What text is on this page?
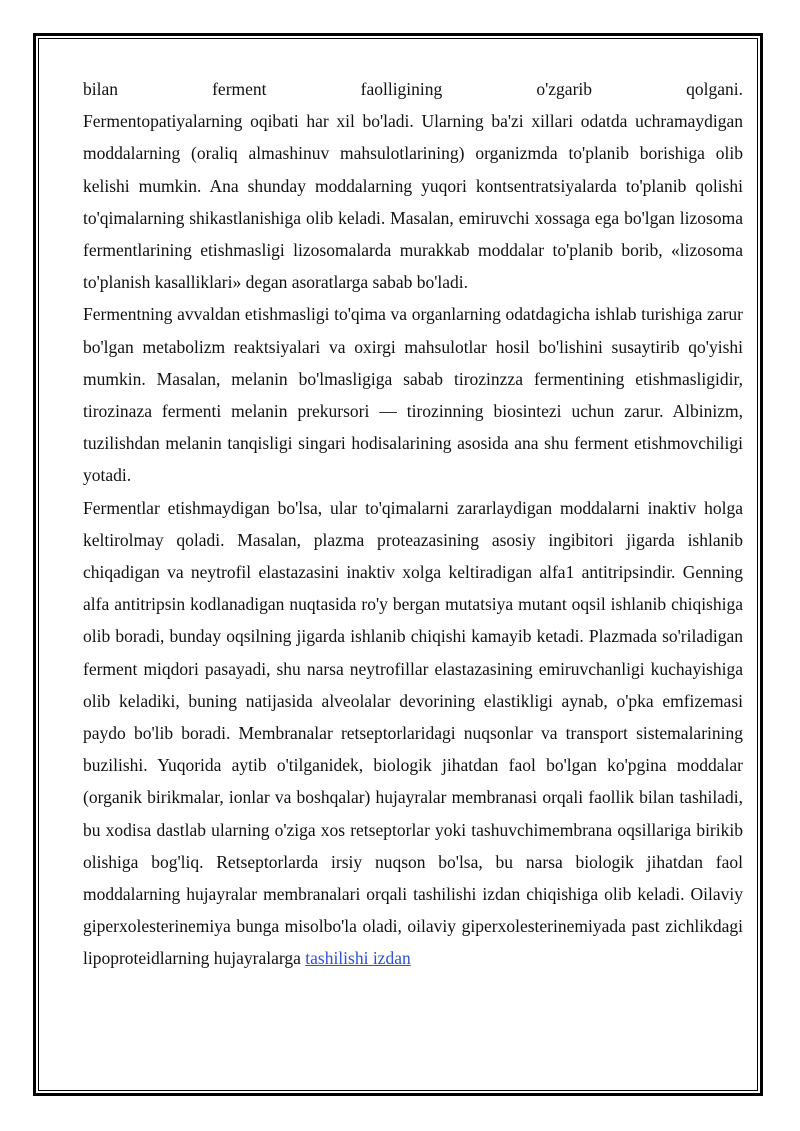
bilan ferment faolligining o'zgarib qolgani.
Fermentopatiyalarning oqibati har xil bo'ladi. Ularning ba'zi xillari odatda uchramaydigan moddalarning (oraliq almashinuv mahsulotlarining) organizmda to'planib borishiga olib kelishi mumkin. Ana shunday moddalarning yuqori kontsentratsiyalarda to'planib qolishi to'qimalarning shikastlanishiga olib keladi. Masalan, emiruvchi xossaga ega bo'lgan lizosoma fermentlarining etishmasligi lizosomalarda murakkab moddalar to'planib borib, «lizosoma to'planish kasalliklari» degan asoratlarga sabab bo'ladi.

Fermentning avvaldan etishmasligi to'qima va organlarning odatdagicha ishlab turishiga zarur bo'lgan metabolizm reaktsiyalari va oxirgi mahsulotlar hosil bo'lishini susaytirib qo'yishi mumkin. Masalan, melanin bo'lmasligiga sabab tirozinzza fermentining etishmasligidir, tirozinaza fermenti melanin prekursori — tirozinning biosintezi uchun zarur. Albinizm, tuzilishdan melanin tanqisligi singari hodisalarining asosida ana shu ferment etishmovchiligi yotadi.

Fermentlar etishmaydigan bo'lsa, ular to'qimalarni zararlaydigan moddalarni inaktiv holga keltirolmay qoladi. Masalan, plazma proteazasining asosiy ingibitori jigarda ishlanib chiqadigan va neytrofil elastazasini inaktiv xolga keltiradigan alfa1 antitripsindir. Genning alfa antitripsin kodlanadigan nuqtasida ro'y bergan mutatsiya mutant oqsil ishlanib chiqishiga olib boradi, bunday oqsilning jigarda ishlanib chiqishi kamayib ketadi. Plazmada so'riladigan ferment miqdori pasayadi, shu narsa neytrofillar elastazasining emiruvchanligi kuchayishiga olib keladiki, buning natijasida alveolalar devorining elastikligi aynab, o'pka emfizemasi paydo bo'lib boradi. Membranalar retseptorlaridagi nuqsonlar va transport sistemalarining buzilishi. Yuqorida aytib o'tilganidek, biologik jihatdan faol bo'lgan ko'pgina moddalar (organik birikmalar, ionlar va boshqalar) hujayralar membranasi orqali faollik bilan tashiladi, bu xodisa dastlab ularning o'ziga xos retseptorlar yoki tashuvchimembrana oqsillariga birikib olishiga bog'liq. Retseptorlarda irsiy nuqson bo'lsa, bu narsa biologik jihatdan faol moddalarning hujayralar membranalari orqali tashilishi izdan chiqishiga olib keladi. Oilaviy giperxolesterinemiya bunga misolbo'la oladi, oilaviy giperxolesterinemiyada past zichlikdagi lipoproteidlarning hujayralarga tashilishi izdan
